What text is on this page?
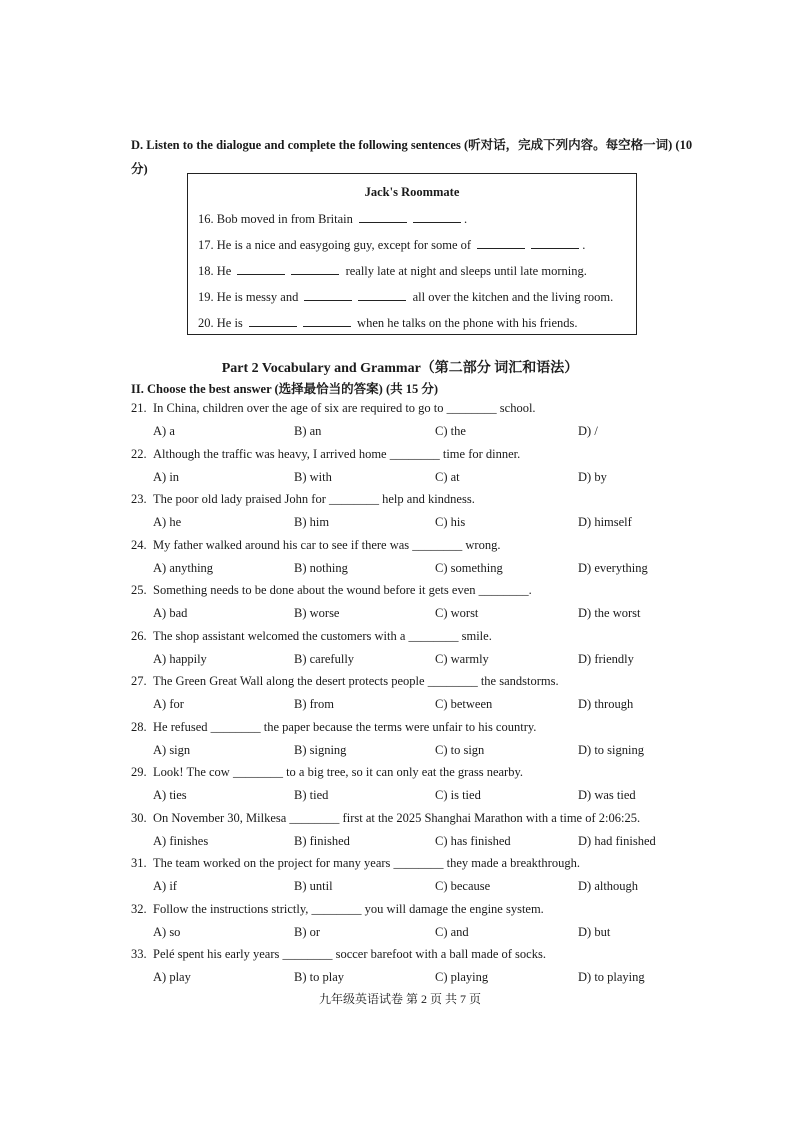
D. Listen to the dialogue and complete the following sentences (听对话，完成下列内容。每空格一词) (10 分)
Jack's Roommate
16. Bob moved in from Britain	.
17. He is a nice and easygoing guy, except for some of	.
18. He	really late at night and sleeps until late morning.
19. He is messy and	all over the kitchen and the living room.
20. He is	when he talks on the phone with his friends.
Part 2 Vocabulary and Grammar（第二部分 词汇和语法）
II. Choose the best answer (选择最恰当的答案) (共 15 分)
21. In China, children over the age of six are required to go to ________ school.
A) a	B) an	C) the	D) /
22. Although the traffic was heavy, I arrived home ________ time for dinner.
A) in	B) with	C) at	D) by
23. The poor old lady praised John for ________ help and kindness.
A) he	B) him	C) his	D) himself
24. My father walked around his car to see if there was ________ wrong.
A) anything	B) nothing	C) something	D) everything
25. Something needs to be done about the wound before it gets even ________.
A) bad	B) worse	C) worst	D) the worst
26. The shop assistant welcomed the customers with a ________ smile.
A) happily	B) carefully	C) warmly	D) friendly
27. The Green Great Wall along the desert protects people ________ the sandstorms.
A) for	B) from	C) between	D) through
28. He refused ________ the paper because the terms were unfair to his country.
A) sign	B) signing	C) to sign	D) to signing
29. Look! The cow ________ to a big tree, so it can only eat the grass nearby.
A) ties	B) tied	C) is tied	D) was tied
30. On November 30, Milkesa ________ first at the 2025 Shanghai Marathon with a time of 2:06:25.
A) finishes	B) finished	C) has finished	D) had finished
31. The team worked on the project for many years ________ they made a breakthrough.
A) if	B) until	C) because	D) although
32. Follow the instructions strictly, ________ you will damage the engine system.
A) so	B) or	C) and	D) but
33. Pelé spent his early years ________ soccer barefoot with a ball made of socks.
A) play	B) to play	C) playing	D) to playing
九年级英语试卷 第 2 页 共 7 页
